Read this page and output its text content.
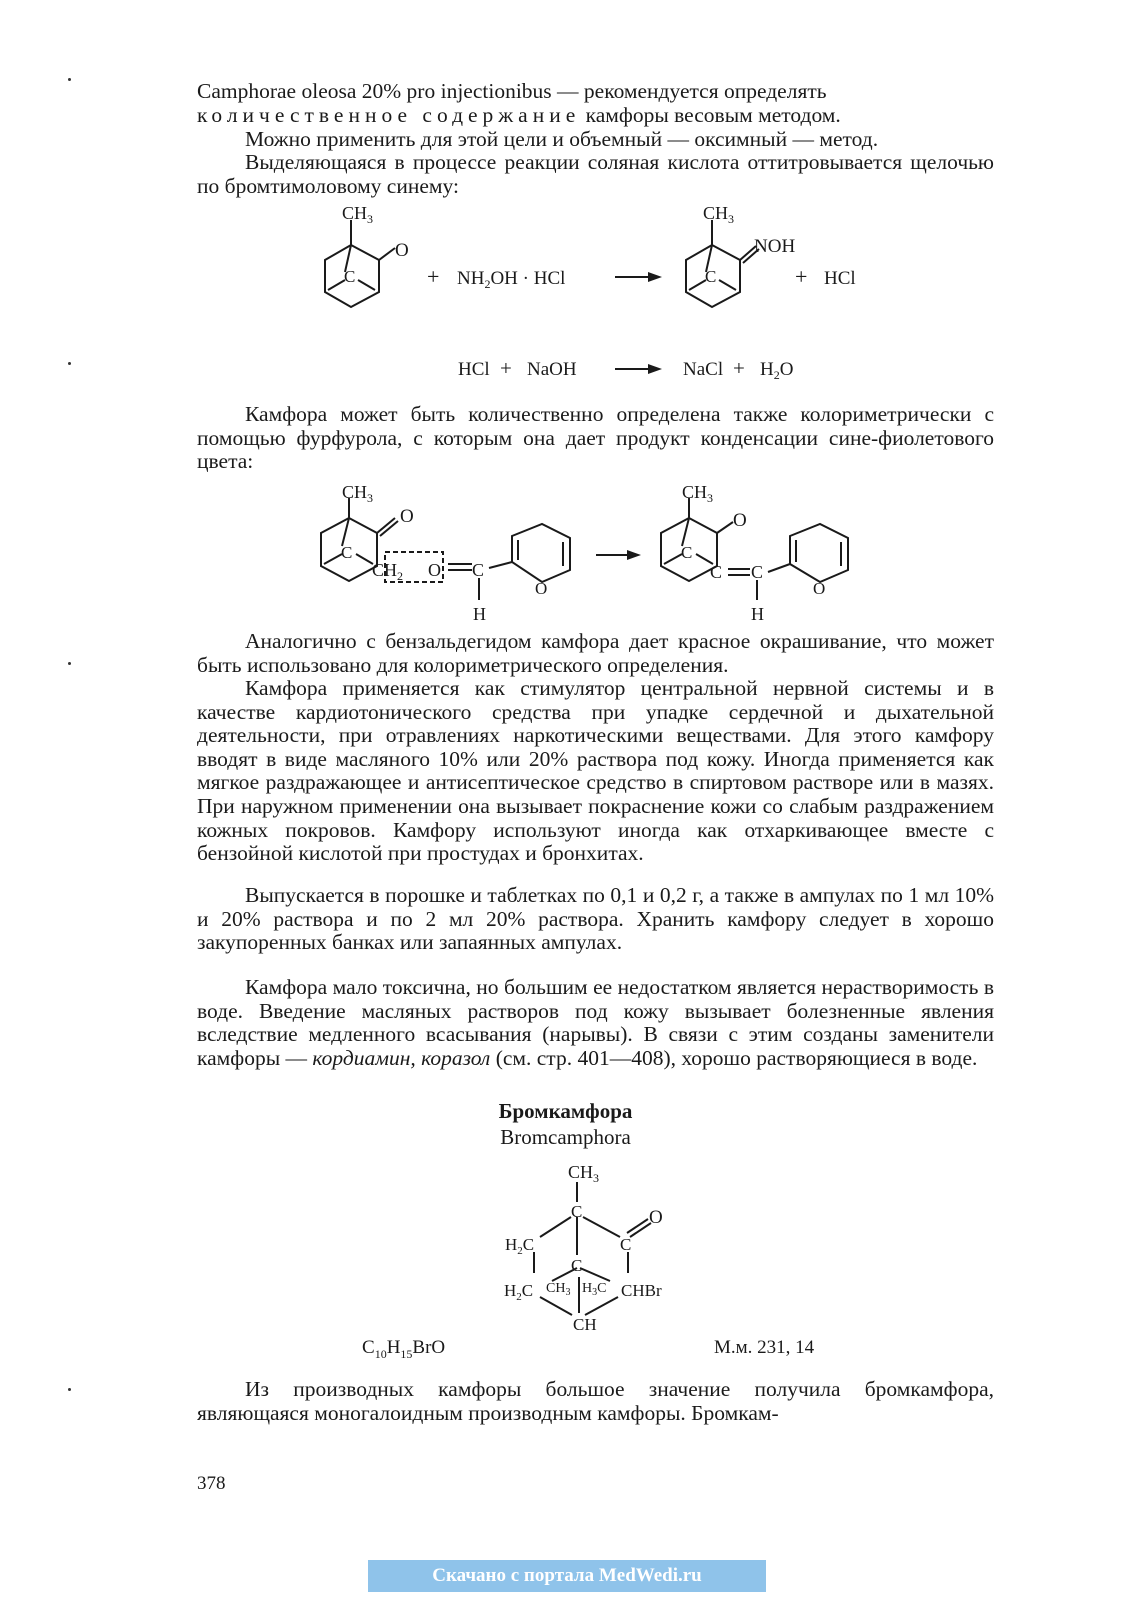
Camphorae oleosa 20% pro injectionibus — рекомендуется определять
количественное содержание камфоры весовым методом.

Можно применить для этой цели и объемный — оксимный — метод.

Выделяющаяся в процессе реакции соляная кислота оттитровывается щелочью по бромтимоловому синему:

$CH_3$
O
C	+ $NH_2OH$ · HCl
$CH_3$
NOH
C	+ HCl
HCl + NaOH	NaCl + $H_2O$

Камфора может быть количественно определена также колориметрически с помощью фурфурола, с которым она дает продукт конденсации сине-фиолетового цвета:

$CH_3$
O
C
$CH_2$ O C
H
O
$CH_3$
O
C
C C
H
O

Аналогично с бензальдегидом камфора дает красное окрашивание, что может быть использовано для колориметрического определения.

Камфора применяется как стимулятор центральной нервной системы и в качестве кардиотонического средства при упадке сердечной и дыхательной деятельности, при отравлениях наркотическими веществами. Для этого камфору вводят в виде масляного 10% или 20% раствора под кожу. Иногда применяется как мягкое раздражающее и антисептическое средство в спиртовом растворе или в мазях. При наружном применении она вызывает покраснение кожи со слабым раздражением кожных покровов. Камфору используют иногда как отхаркивающее вместе с бензойной кислотой при простудах и бронхитах.

Выпускается в порошке и таблетках по 0,1 и 0,2 г, а также в ампулах по 1 мл 10% и 20% раствора и по 2 мл 20% раствора. Хранить камфору следует в хорошо закупоренных банках или запаянных ампулах.

Камфора мало токсична, но большим ее недостатком является нерастворимость в воде. Введение масляных растворов под кожу вызывает болезненные явления вследствие медленного всасывания (нарывы). В связи с этим созданы заменители камфоры — кордиамин, коразол (см. стр. 401—408), хорошо растворяющиеся в воде.

Бромкамфора

Bromcamphora

$CH_3$
C	O
$H_2C$	C
C
$H_2C$ $CH_3$ $H_3C$ CHBr
CH
$C_{10}H_{15}BrO$	М.м. 231, 14

Из производных камфоры большое значение получила бромкамфора, являющаяся моногалоидным производным камфоры. Бромкам-

378
Скачано с портала MedWedi.ru
